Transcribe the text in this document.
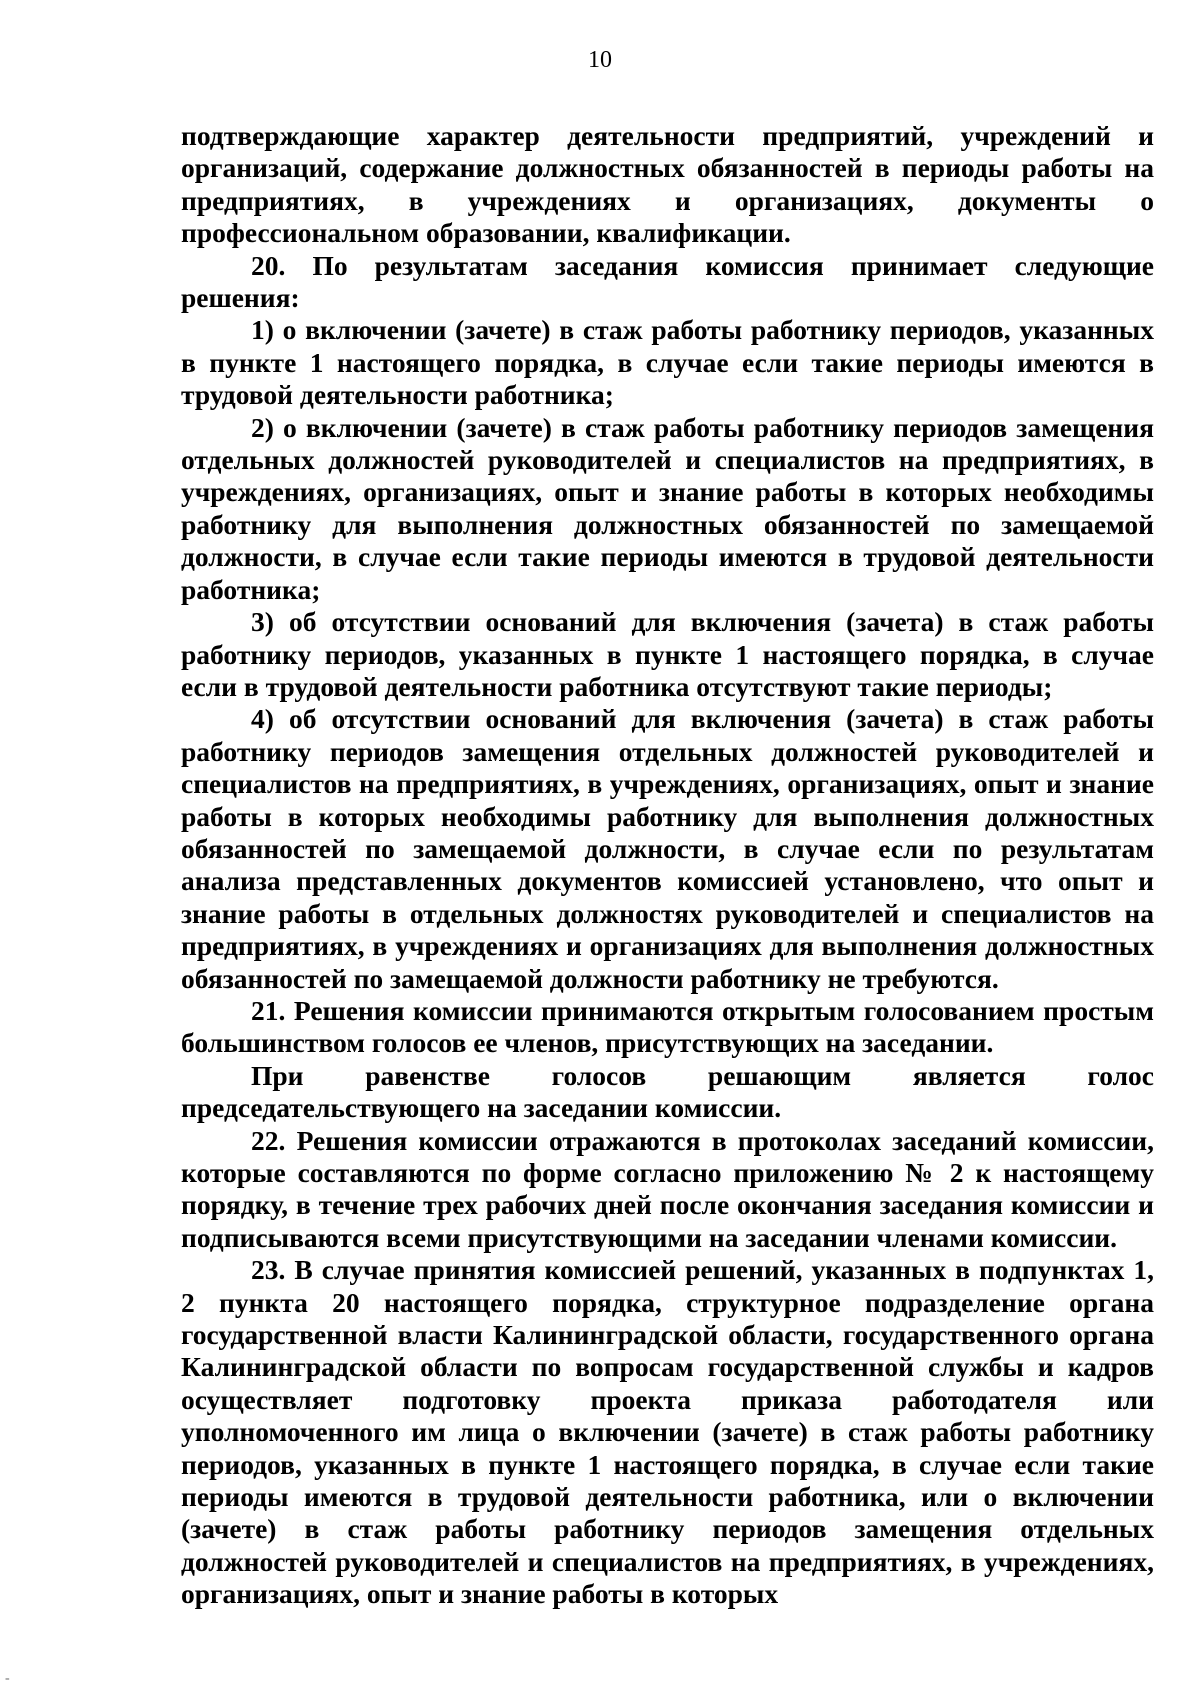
10

подтверждающие характер деятельности предприятий, учреждений и организаций, содержание должностных обязанностей в периоды работы на предприятиях, в учреждениях и организациях, документы о профессиональном образовании, квалификации.

20. По результатам заседания комиссия принимает следующие решения:

1) о включении (зачете) в стаж работы работнику периодов, указанных в пункте 1 настоящего порядка, в случае если такие периоды имеются в трудовой деятельности работника;

2) о включении (зачете) в стаж работы работнику периодов замещения отдельных должностей руководителей и специалистов на предприятиях, в учреждениях, организациях, опыт и знание работы в которых необходимы работнику для выполнения должностных обязанностей по замещаемой должности, в случае если такие периоды имеются в трудовой деятельности работника;

3) об отсутствии оснований для включения (зачета) в стаж работы работнику периодов, указанных в пункте 1 настоящего порядка, в случае если в трудовой деятельности работника отсутствуют такие периоды;

4) об отсутствии оснований для включения (зачета) в стаж работы работнику периодов замещения отдельных должностей руководителей и специалистов на предприятиях, в учреждениях, организациях, опыт и знание работы в которых необходимы работнику для выполнения должностных обязанностей по замещаемой должности, в случае если по результатам анализа представленных документов комиссией установлено, что опыт и знание работы в отдельных должностях руководителей и специалистов на предприятиях, в учреждениях и организациях для выполнения должностных обязанностей по замещаемой должности работнику не требуются.

21. Решения комиссии принимаются открытым голосованием простым большинством голосов ее членов, присутствующих на заседании.

При равенстве голосов решающим является голос председательствующего на заседании комиссии.

22. Решения комиссии отражаются в протоколах заседаний комиссии, которые составляются по форме согласно приложению № 2 к настоящему порядку, в течение трех рабочих дней после окончания заседания комиссии и подписываются всеми присутствующими на заседании членами комиссии.

23. В случае принятия комиссией решений, указанных в подпунктах 1, 2 пункта 20 настоящего порядка, структурное подразделение органа государственной власти Калининградской области, государственного органа Калининградской области по вопросам государственной службы и кадров осуществляет подготовку проекта приказа работодателя или уполномоченного им лица о включении (зачете) в стаж работы работнику периодов, указанных в пункте 1 настоящего порядка, в случае если такие периоды имеются в трудовой деятельности работника, или о включении (зачете) в стаж работы работнику периодов замещения отдельных должностей руководителей и специалистов на предприятиях, в учреждениях, организациях, опыт и знание работы в которых

-
